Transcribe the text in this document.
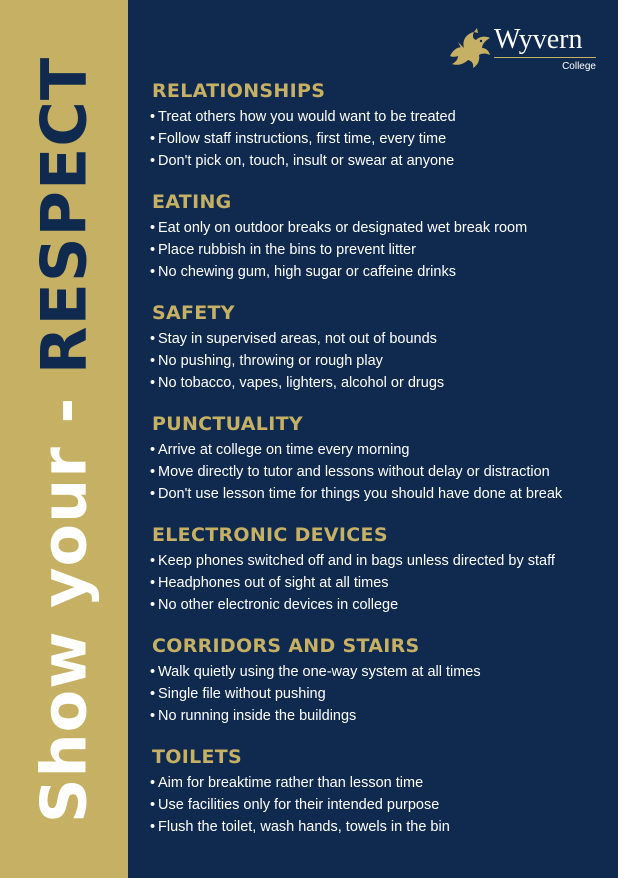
Show your - RESPECT
Wyvern
College
RELATIONSHIPS
• Treat others how you would want to be treated
• Follow staff instructions, first time, every time
• Don't pick on, touch, insult or swear at anyone
EATING
• Eat only on outdoor breaks or designated wet break room
• Place rubbish in the bins to prevent litter
• No chewing gum, high sugar or caffeine drinks
SAFETY
• Stay in supervised areas, not out of bounds
• No pushing, throwing or rough play
• No tobacco, vapes, lighters, alcohol or drugs
PUNCTUALITY
• Arrive at college on time every morning
• Move directly to tutor and lessons without delay or distraction
• Don't use lesson time for things you should have done at break
ELECTRONIC DEVICES
• Keep phones switched off and in bags unless directed by staff
• Headphones out of sight at all times
• No other electronic devices in college
CORRIDORS AND STAIRS
• Walk quietly using the one-way system at all times
• Single file without pushing
• No running inside the buildings
TOILETS
• Aim for breaktime rather than lesson time
• Use facilities only for their intended purpose
• Flush the toilet, wash hands, towels in the bin
